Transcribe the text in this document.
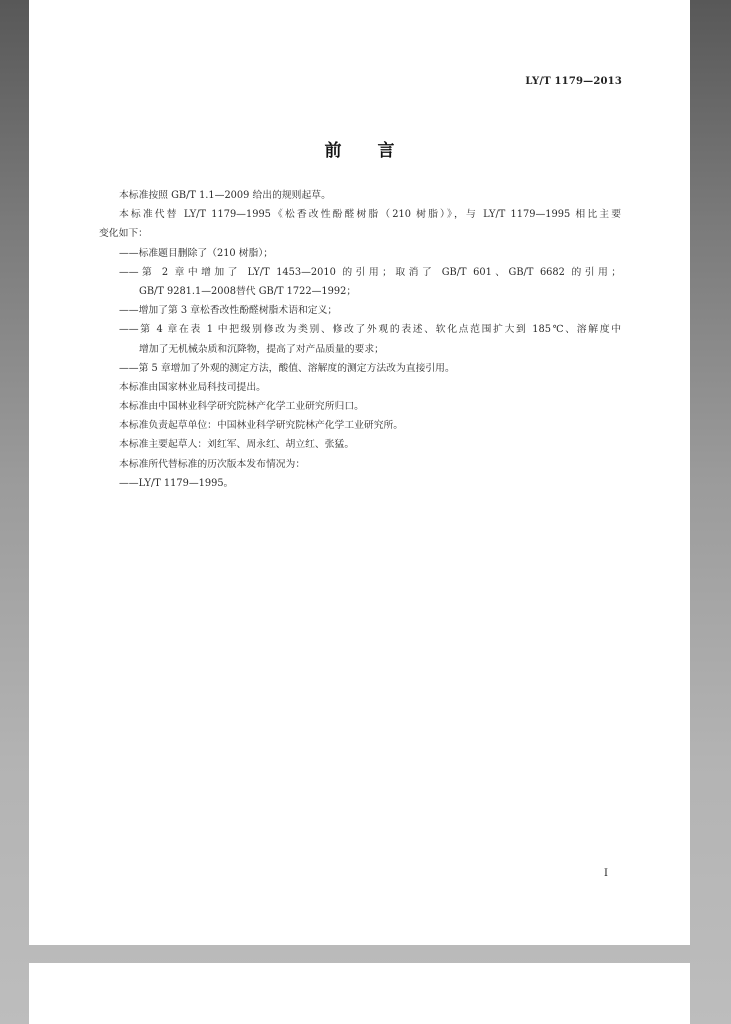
LY/T 1179—2013
前言
本标准按照 GB/T 1.1—2009 给出的规则起草。
本标准代替 LY/T 1179—1995《松香改性酚醛树脂（210 树脂）》，与 LY/T 1179—1995 相比主要
变化如下：
——标准题目删除了（210 树脂）；
——第 2 章中增加了 LY/T 1453—2010 的引用；取消了 GB/T 601、GB/T 6682 的引用；
GB/T 9281.1—2008替代 GB/T 1722—1992；
——增加了第 3 章松香改性酚醛树脂术语和定义；
——第 4 章在表 1 中把级别修改为类别、修改了外观的表述、软化点范围扩大到 185℃、溶解度中
增加了无机械杂质和沉降物，提高了对产品质量的要求；
——第 5 章增加了外观的测定方法，酸值、溶解度的测定方法改为直接引用。
本标准由国家林业局科技司提出。
本标准由中国林业科学研究院林产化学工业研究所归口。
本标准负责起草单位：中国林业科学研究院林产化学工业研究所。
本标准主要起草人：刘红军、周永红、胡立红、张猛。
本标准所代替标准的历次版本发布情况为：
——LY/T 1179—1995。
I
